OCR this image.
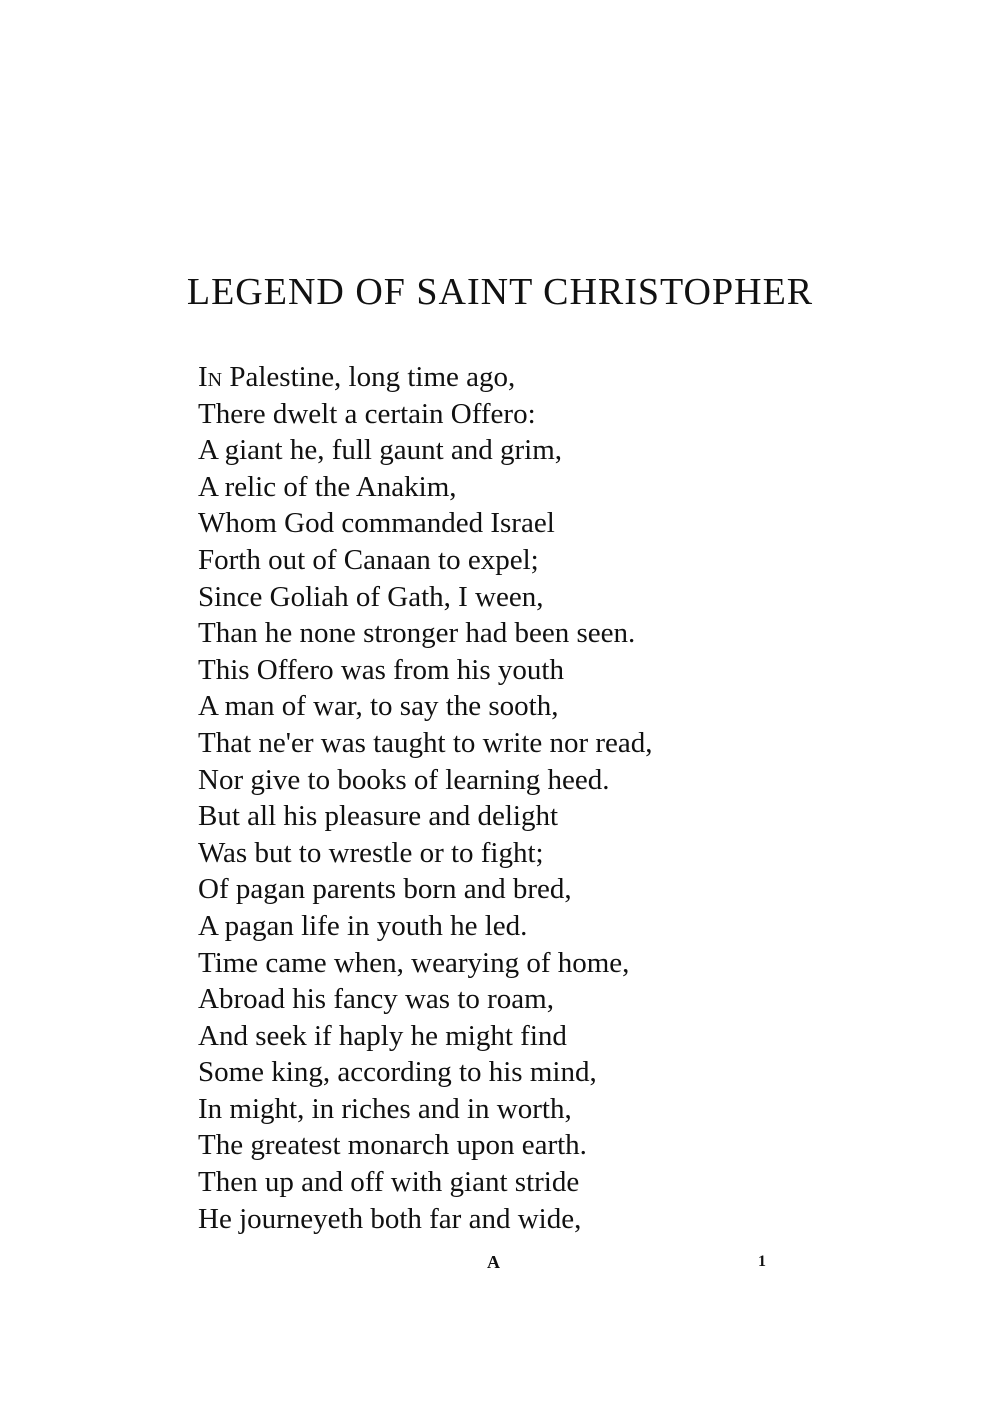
LEGEND OF SAINT CHRISTOPHER
In Palestine, long time ago,
There dwelt a certain Offero:
A giant he, full gaunt and grim,
A relic of the Anakim,
Whom God commanded Israel
Forth out of Canaan to expel;
Since Goliah of Gath, I ween,
Than he none stronger had been seen.
This Offero was from his youth
A man of war, to say the sooth,
That ne'er was taught to write nor read,
Nor give to books of learning heed.
But all his pleasure and delight
Was but to wrestle or to fight;
Of pagan parents born and bred,
A pagan life in youth he led.
Time came when, wearying of home,
Abroad his fancy was to roam,
And seek if haply he might find
Some king, according to his mind,
In might, in riches and in worth,
The greatest monarch upon earth.
Then up and off with giant stride
He journeyeth both far and wide,
A	1
